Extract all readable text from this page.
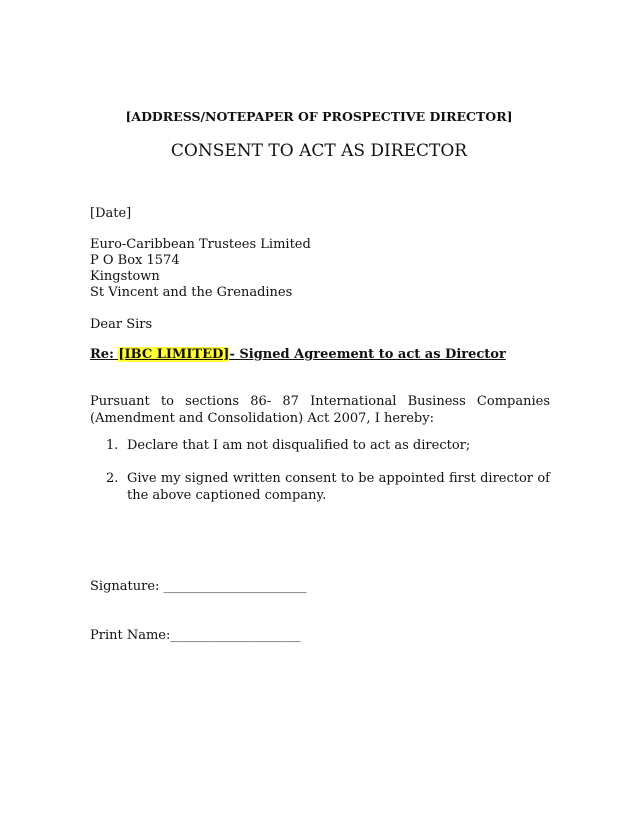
[ADDRESS/NOTEPAPER OF PROSPECTIVE DIRECTOR]
CONSENT TO ACT AS DIRECTOR
[Date]
Euro-Caribbean Trustees Limited
P O Box 1574
Kingstown
St Vincent and the Grenadines
Dear Sirs
Re: [IBC LIMITED]- Signed Agreement to act as Director
Pursuant to sections 86- 87 International Business Companies (Amendment and Consolidation) Act 2007, I hereby:
1. Declare that I am not disqualified to act as director;
2. Give my signed written consent to be appointed first director of the above captioned company.
Signature: ______________________
Print Name:____________________
